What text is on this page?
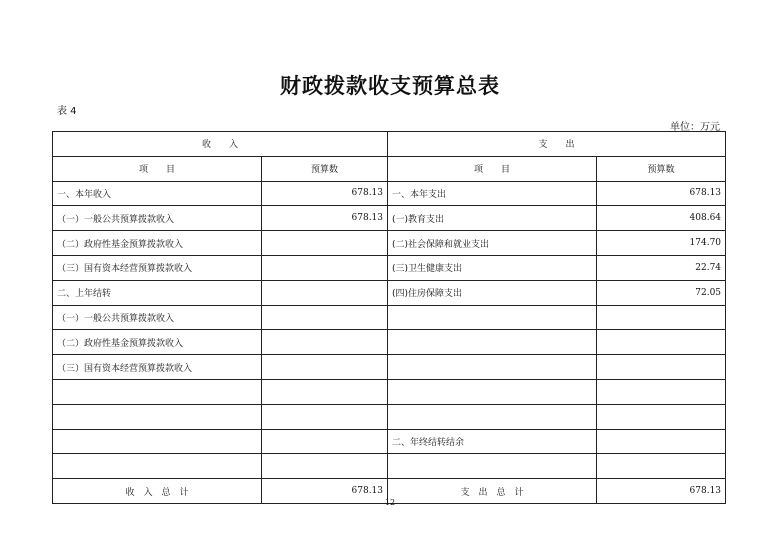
财政拨款收支预算总表
表 4
单位：万元
收　　入		支　　出	
项　　目	预算数	项　　目	预算数
一、本年收入	678.13	一、本年支出	678.13
（一）一般公共预算拨款收入	678.13	(一)教育支出	408.64
（二）政府性基金预算拨款收入		(二)社会保障和就业支出	174.70
（三）国有资本经营预算拨款收入		(三)卫生健康支出	22.74
二、上年结转		(四)住房保障支出	72.05
（一）一般公共预算拨款收入			
（二）政府性基金预算拨款收入			
（三）国有资本经营预算拨款收入			

		二、年终结转结余	

收　入　总　计	678.13	支　出　总　计	678.13
12
